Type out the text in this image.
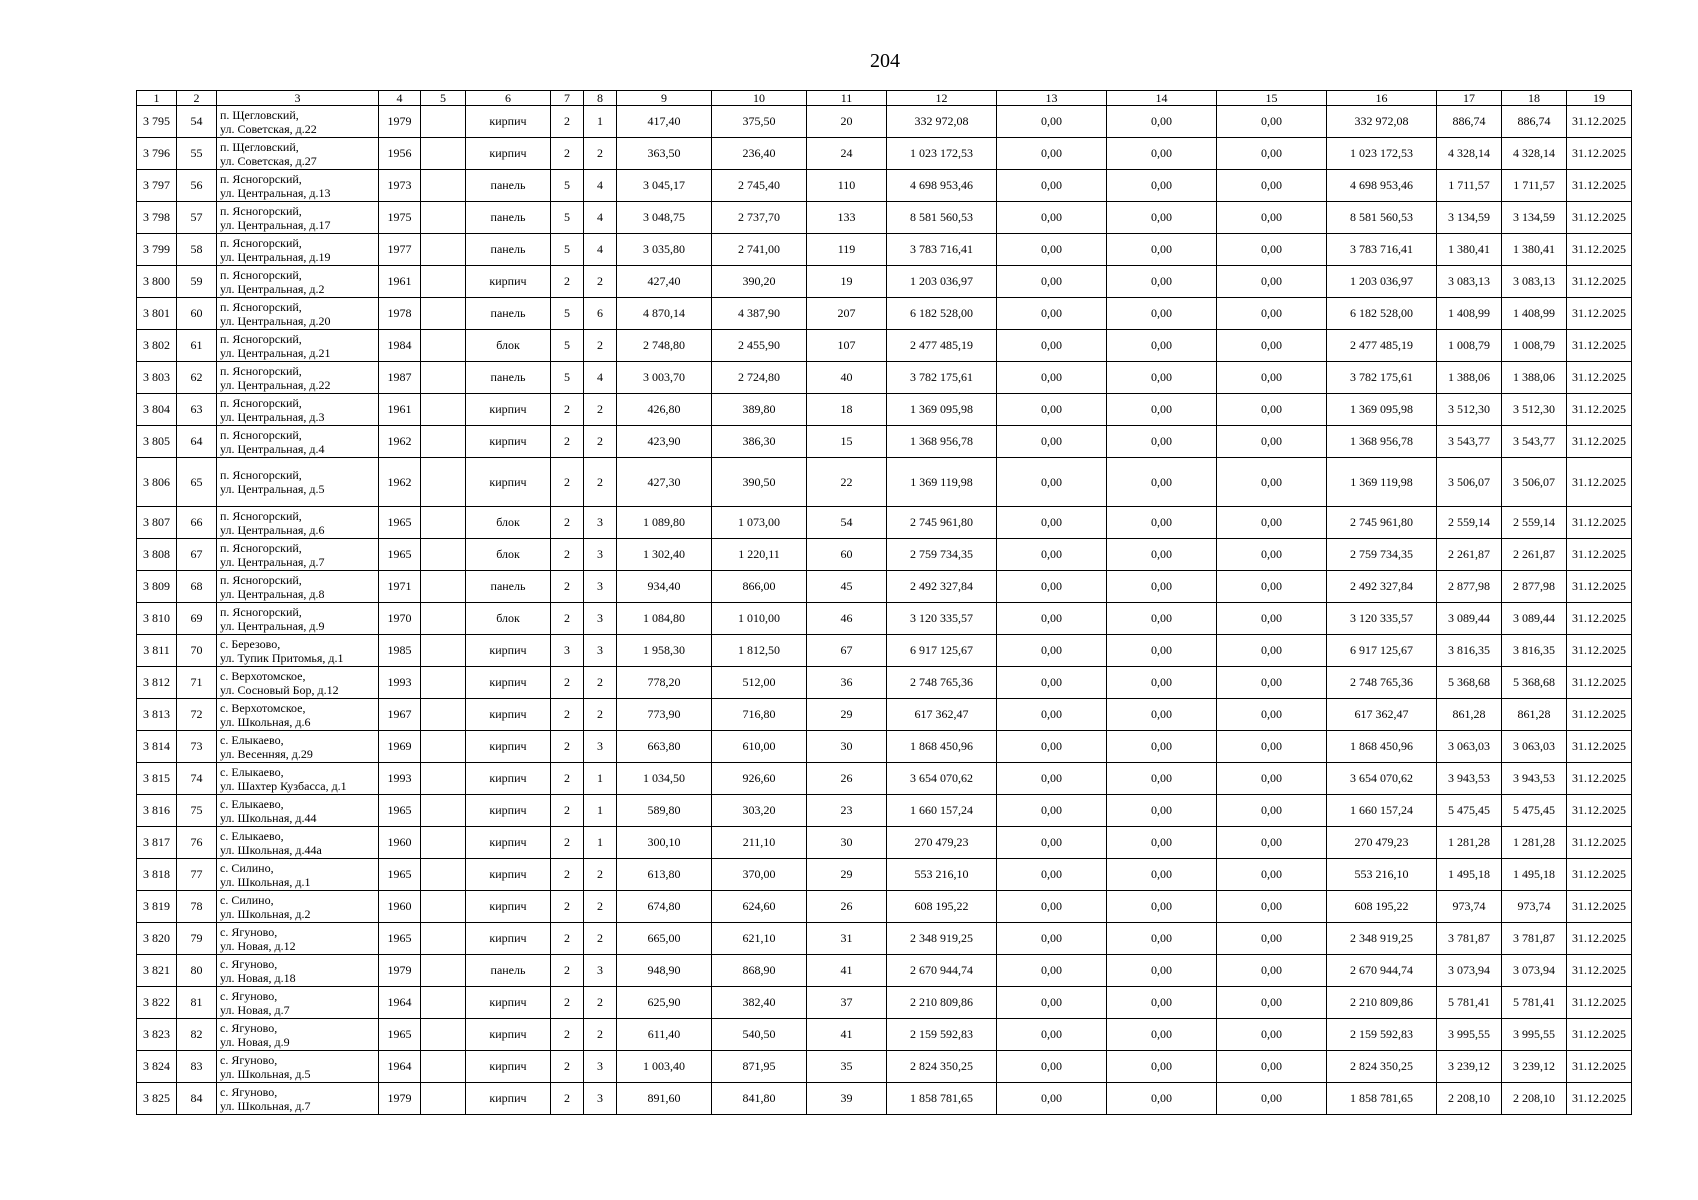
204
1	2	3	4	5	6	7	8	9	10	11	12	13	14	15	16	17	18	19
3 795	54	п. Щегловский,
ул. Советская, д.22	1979		кирпич	2	1	417,40	375,50	20	332 972,08	0,00	0,00	0,00	332 972,08	886,74	886,74	31.12.2025
3 796	55	п. Щегловский,
ул. Советская, д.27	1956		кирпич	2	2	363,50	236,40	24	1 023 172,53	0,00	0,00	0,00	1 023 172,53	4 328,14	4 328,14	31.12.2025
3 797	56	п. Ясногорский,
ул. Центральная, д.13	1973		панель	5	4	3 045,17	2 745,40	110	4 698 953,46	0,00	0,00	0,00	4 698 953,46	1 711,57	1 711,57	31.12.2025
3 798	57	п. Ясногорский,
ул. Центральная, д.17	1975		панель	5	4	3 048,75	2 737,70	133	8 581 560,53	0,00	0,00	0,00	8 581 560,53	3 134,59	3 134,59	31.12.2025
3 799	58	п. Ясногорский,
ул. Центральная, д.19	1977		панель	5	4	3 035,80	2 741,00	119	3 783 716,41	0,00	0,00	0,00	3 783 716,41	1 380,41	1 380,41	31.12.2025
3 800	59	п. Ясногорский,
ул. Центральная, д.2	1961		кирпич	2	2	427,40	390,20	19	1 203 036,97	0,00	0,00	0,00	1 203 036,97	3 083,13	3 083,13	31.12.2025
3 801	60	п. Ясногорский,
ул. Центральная, д.20	1978		панель	5	6	4 870,14	4 387,90	207	6 182 528,00	0,00	0,00	0,00	6 182 528,00	1 408,99	1 408,99	31.12.2025
3 802	61	п. Ясногорский,
ул. Центральная, д.21	1984		блок	5	2	2 748,80	2 455,90	107	2 477 485,19	0,00	0,00	0,00	2 477 485,19	1 008,79	1 008,79	31.12.2025
3 803	62	п. Ясногорский,
ул. Центральная, д.22	1987		панель	5	4	3 003,70	2 724,80	40	3 782 175,61	0,00	0,00	0,00	3 782 175,61	1 388,06	1 388,06	31.12.2025
3 804	63	п. Ясногорский,
ул. Центральная, д.3	1961		кирпич	2	2	426,80	389,80	18	1 369 095,98	0,00	0,00	0,00	1 369 095,98	3 512,30	3 512,30	31.12.2025
3 805	64	п. Ясногорский,
ул. Центральная, д.4	1962		кирпич	2	2	423,90	386,30	15	1 368 956,78	0,00	0,00	0,00	1 368 956,78	3 543,77	3 543,77	31.12.2025
3 806	65	п. Ясногорский,
ул. Центральная, д.5	1962		кирпич	2	2	427,30	390,50	22	1 369 119,98	0,00	0,00	0,00	1 369 119,98	3 506,07	3 506,07	31.12.2025
3 807	66	п. Ясногорский,
ул. Центральная, д.6	1965		блок	2	3	1 089,80	1 073,00	54	2 745 961,80	0,00	0,00	0,00	2 745 961,80	2 559,14	2 559,14	31.12.2025
3 808	67	п. Ясногорский,
ул. Центральная, д.7	1965		блок	2	3	1 302,40	1 220,11	60	2 759 734,35	0,00	0,00	0,00	2 759 734,35	2 261,87	2 261,87	31.12.2025
3 809	68	п. Ясногорский,
ул. Центральная, д.8	1971		панель	2	3	934,40	866,00	45	2 492 327,84	0,00	0,00	0,00	2 492 327,84	2 877,98	2 877,98	31.12.2025
3 810	69	п. Ясногорский,
ул. Центральная, д.9	1970		блок	2	3	1 084,80	1 010,00	46	3 120 335,57	0,00	0,00	0,00	3 120 335,57	3 089,44	3 089,44	31.12.2025
3 811	70	с. Березово,
ул. Тупик Притомья, д.1	1985		кирпич	3	3	1 958,30	1 812,50	67	6 917 125,67	0,00	0,00	0,00	6 917 125,67	3 816,35	3 816,35	31.12.2025
3 812	71	с. Верхотомское,
ул. Сосновый Бор, д.12	1993		кирпич	2	2	778,20	512,00	36	2 748 765,36	0,00	0,00	0,00	2 748 765,36	5 368,68	5 368,68	31.12.2025
3 813	72	с. Верхотомское,
ул. Школьная, д.6	1967		кирпич	2	2	773,90	716,80	29	617 362,47	0,00	0,00	0,00	617 362,47	861,28	861,28	31.12.2025
3 814	73	с. Елыкаево,
ул. Весенняя, д.29	1969		кирпич	2	3	663,80	610,00	30	1 868 450,96	0,00	0,00	0,00	1 868 450,96	3 063,03	3 063,03	31.12.2025
3 815	74	с. Елыкаево,
ул. Шахтер Кузбасса, д.1	1993		кирпич	2	1	1 034,50	926,60	26	3 654 070,62	0,00	0,00	0,00	3 654 070,62	3 943,53	3 943,53	31.12.2025
3 816	75	с. Елыкаево,
ул. Школьная, д.44	1965		кирпич	2	1	589,80	303,20	23	1 660 157,24	0,00	0,00	0,00	1 660 157,24	5 475,45	5 475,45	31.12.2025
3 817	76	с. Елыкаево,
ул. Школьная, д.44а	1960		кирпич	2	1	300,10	211,10	30	270 479,23	0,00	0,00	0,00	270 479,23	1 281,28	1 281,28	31.12.2025
3 818	77	с. Силино,
ул. Школьная, д.1	1965		кирпич	2	2	613,80	370,00	29	553 216,10	0,00	0,00	0,00	553 216,10	1 495,18	1 495,18	31.12.2025
3 819	78	с. Силино,
ул. Школьная, д.2	1960		кирпич	2	2	674,80	624,60	26	608 195,22	0,00	0,00	0,00	608 195,22	973,74	973,74	31.12.2025
3 820	79	с. Ягуново,
ул. Новая, д.12	1965		кирпич	2	2	665,00	621,10	31	2 348 919,25	0,00	0,00	0,00	2 348 919,25	3 781,87	3 781,87	31.12.2025
3 821	80	с. Ягуново,
ул. Новая, д.18	1979		панель	2	3	948,90	868,90	41	2 670 944,74	0,00	0,00	0,00	2 670 944,74	3 073,94	3 073,94	31.12.2025
3 822	81	с. Ягуново,
ул. Новая, д.7	1964		кирпич	2	2	625,90	382,40	37	2 210 809,86	0,00	0,00	0,00	2 210 809,86	5 781,41	5 781,41	31.12.2025
3 823	82	с. Ягуново,
ул. Новая, д.9	1965		кирпич	2	2	611,40	540,50	41	2 159 592,83	0,00	0,00	0,00	2 159 592,83	3 995,55	3 995,55	31.12.2025
3 824	83	с. Ягуново,
ул. Школьная, д.5	1964		кирпич	2	3	1 003,40	871,95	35	2 824 350,25	0,00	0,00	0,00	2 824 350,25	3 239,12	3 239,12	31.12.2025
3 825	84	с. Ягуново,
ул. Школьная, д.7	1979		кирпич	2	3	891,60	841,80	39	1 858 781,65	0,00	0,00	0,00	1 858 781,65	2 208,10	2 208,10	31.12.2025
